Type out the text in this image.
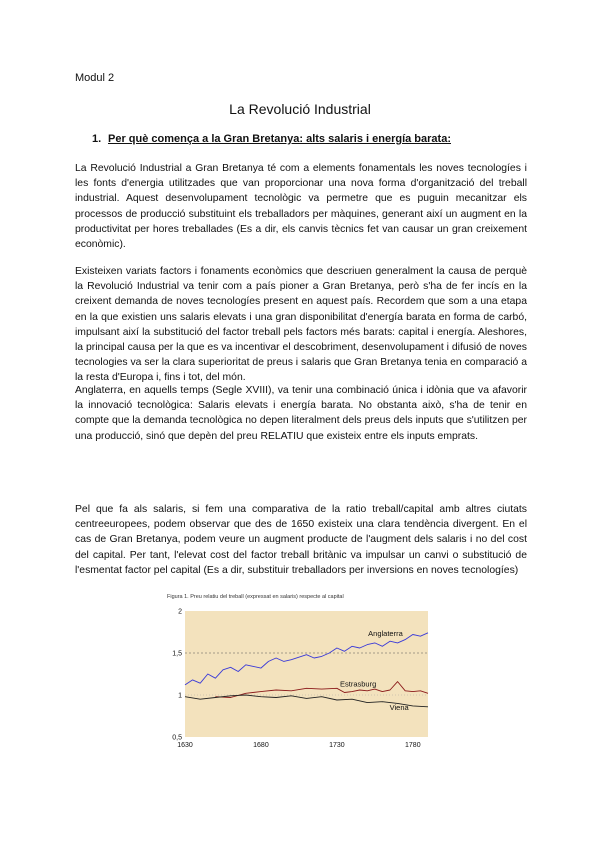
Modul 2
La Revolució Industrial
1. Per què comença a la Gran Bretanya: alts salaris i energía barata:

La Revolució Industrial a Gran Bretanya té com a elements fonamentals les noves tecnologíes i les fonts d'energia utilitzades que van proporcionar una nova forma d'organització del treball industrial. Aquest desenvolupament tecnològic va permetre que es puguin mecanitzar els processos de producció substituint els treballadors per màquines, generant així un augment en la productivitat per hores treballades (Es a dir, els canvis tècnics fet van causar un gran creixement econòmic).

Existeixen variats factors i fonaments econòmics que descriuen generalment la causa de perquè la Revolució Industrial va tenir com a país pioner a Gran Bretanya, però s'ha de fer incís en la creixent demanda de noves tecnologíes present en aquest país. Recordem que som a una etapa en la que existien uns salaris elevats i una gran disponibilitat d'energía barata en forma de carbó, impulsant així la substitució del factor treball pels factors més barats: capital i energía. Aleshores, la principal causa per la que es va incentivar el descobriment, desenvolupament i difusió de noves tecnologies va ser la clara superioritat de preus i salaris que Gran Bretanya tenia en comparació a la resta d'Europa i, fins i tot, del món.

Anglaterra, en aquells temps (Segle XVIII), va tenir una combinació única i idònia que va afavorir la innovació tecnològica: Salaris elevats i energía barata. No obstanta això, s'ha de tenir en compte que la demanda tecnològica no depen literalment dels preus dels inputs que s'utilitzen per una producció, sinó que depèn del preu RELATIU que existeix entre els inputs emprats.

Pel que fa als salaris, si fem una comparativa de la ratio treball/capital amb altres ciutats centreeuropees, podem observar que des de 1650 existeix una clara tendència divergent. En el cas de Gran Bretanya, podem veure un augment producte de l'augment dels salaris i no del cost del capital. Per tant, l'elevat cost del factor treball britànic va impulsar un canvi o substitució de l'esmentat factor pel capital (Es a dir, substituir treballadors per inversions en noves tecnologíes)

Figura 1. Preu relatiu del treball (expressat en salaris) respecte al capital
1630	1680	1730	1780
0,5
1
1,5
2
Anglaterra
Estrasburg
Viena
